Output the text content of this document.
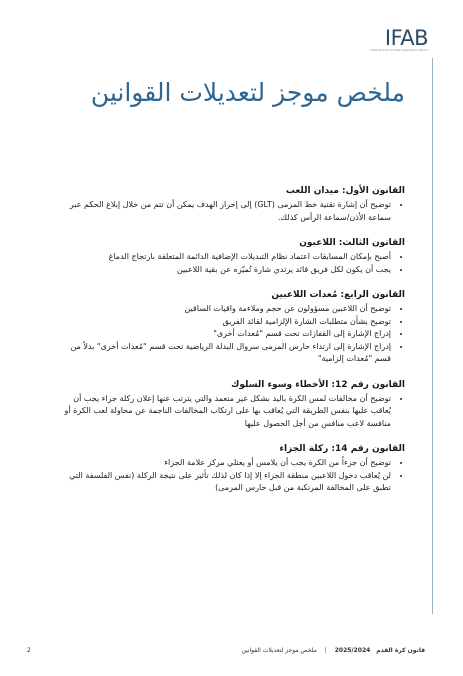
IFAB
International Football Association Board
ملخص موجز لتعديلات القوانين
القانون الأول: ميدان اللعب
• توضيح أن إشارة تقنية خط المرمى (GLT) إلى إحراز الهدف يمكن أن تتم من خلال إبلاغ الحكم عبر سماعة الأذن/سماعة الرأس كذلك.
القانون الثالث: اللاعبون
• أصبح بإمكان المسابقات اعتماد نظام التبديلات الإضافية الدائمة المتعلقة بارتجاج الدماغ
• يجب أن يكون لكل فريق قائد يرتدي شارة تُميّزه عن بقية اللاعبين
القانون الرابع: مُعدات اللاعبين
• توضيح أن اللاعبين مسؤولون عن حجم وملاءمة واقيات الساقين
• توضيح بشأن متطلبات الشارة الإلزامية لقائد الفريق
• إدراج الإشارة إلى القفازات تحت قسم "مُعدات أخرى"
• إدراج الإشارة إلى ارتداء حارس المرمى سروال البدلة الرياضية تحت قسم "مُعدات أخرى" بدلاً من قسم "مُعدات إلزامية"
القانون رقم 12: الأخطاء وسوء السلوك
• توضيح أن مخالفات لمس الكرة باليد بشكل غير متعمد والتي يترتب عنها إعلان ركلة جزاء يجب أن يُعاقب عليها بنفس الطريقة التي يُعاقب بها على ارتكاب المخالفات الناجمة عن محاولة لعب الكرة أو منافسة لاعب منافس من أجل الحصول عليها
القانون رقم 14: ركلة الجزاء
• توضيح أن جزءاً من الكرة يجب أن يلامس أو يعتلي مركز علامة الجزاء
• لن يُعاقب دخول اللاعبين منطقة الجزاء إلا إذا كان لذلك تأثير على نتيجة الركلة (نفس الفلسفة التي تطبق على المخالفة المرتكبة من قبل حارس المرمى)
قانون كرة القدم 2025/2024 | ملخص موجز لتعديلات القوانين
2
